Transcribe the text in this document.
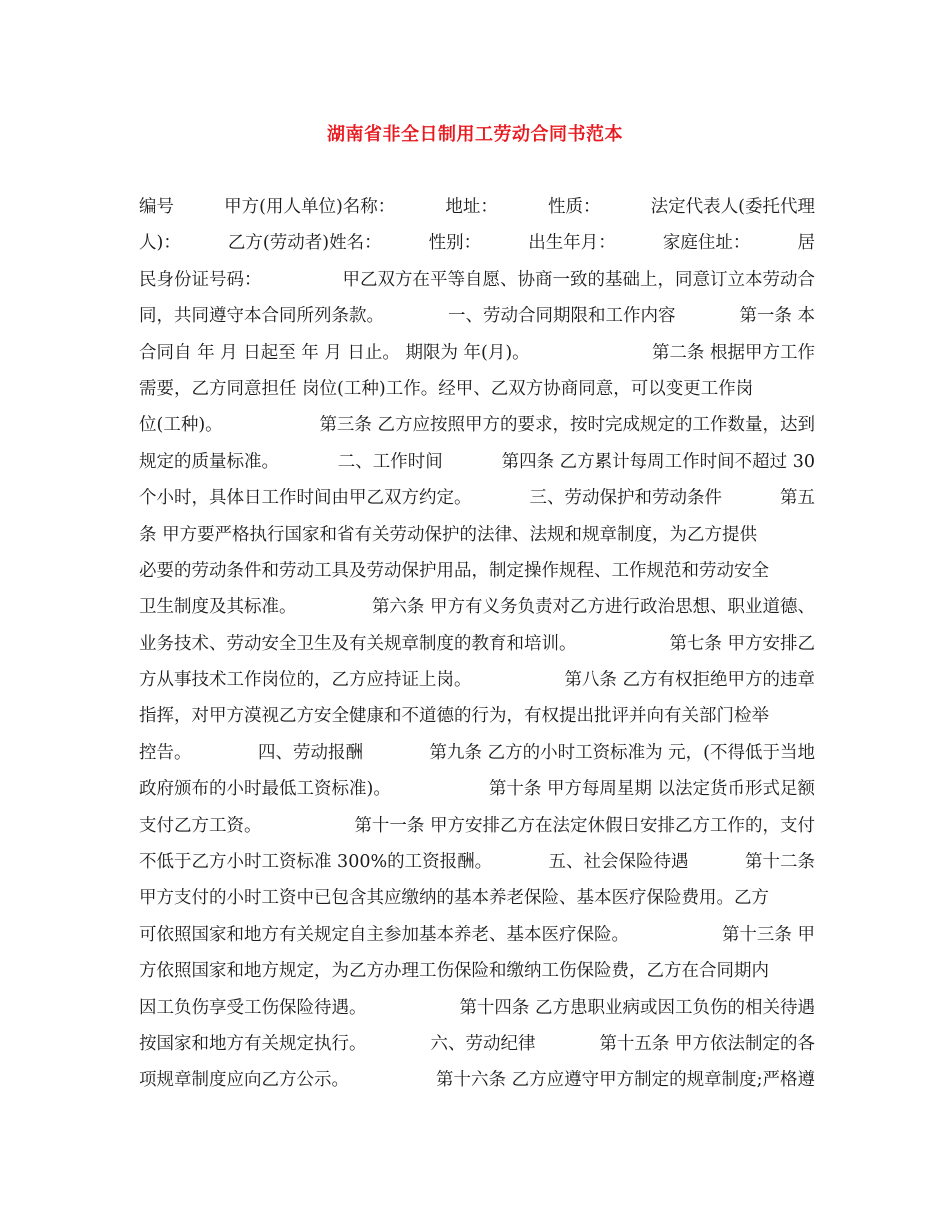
湖南省非全日制用工劳动合同书范本
编号	甲方(用人单位)名称：	地址：	性质：	法定代表人(委托代理
人)：	乙方(劳动者)姓名：	性别：	出生年月：	家庭住址：	居
民身份证号码：	甲乙双方在平等自愿、协商一致的基础上，同意订立本劳动合
同，共同遵守本合同所列条款。	一、劳动合同期限和工作内容	第一条 本
合同自 年 月 日起至 年 月 日止。 期限为 年(月)。	第二条 根据甲方工作
需要，乙方同意担任 岗位(工种)工作。经甲、乙双方协商同意，可以变更工作岗
位(工种)。	第三条 乙方应按照甲方的要求，按时完成规定的工作数量，达到
规定的质量标准。	二、工作时间	第四条 乙方累计每周工作时间不超过 30
个小时，具体日工作时间由甲乙双方约定。	三、劳动保护和劳动条件	第五
条 甲方要严格执行国家和省有关劳动保护的法律、法规和规章制度，为乙方提供
必要的劳动条件和劳动工具及劳动保护用品，制定操作规程、工作规范和劳动安全
卫生制度及其标准。	第六条 甲方有义务负责对乙方进行政治思想、职业道德、
业务技术、劳动安全卫生及有关规章制度的教育和培训。	第七条 甲方安排乙
方从事技术工作岗位的，乙方应持证上岗。	第八条 乙方有权拒绝甲方的违章
指挥，对甲方漠视乙方安全健康和不道德的行为，有权提出批评并向有关部门检举
控告。	四、劳动报酬	第九条 乙方的小时工资标准为 元，(不得低于当地
政府颁布的小时最低工资标准)。	第十条 甲方每周星期 以法定货币形式足额
支付乙方工资。	第十一条 甲方安排乙方在法定休假日安排乙方工作的，支付
不低于乙方小时工资标准 300%的工资报酬。	五、社会保险待遇	第十二条
甲方支付的小时工资中已包含其应缴纳的基本养老保险、基本医疗保险费用。乙方
可依照国家和地方有关规定自主参加基本养老、基本医疗保险。	第十三条 甲
方依照国家和地方规定，为乙方办理工伤保险和缴纳工伤保险费，乙方在合同期内
因工负伤享受工伤保险待遇。	第十四条 乙方患职业病或因工负伤的相关待遇
按国家和地方有关规定执行。	六、劳动纪律	第十五条 甲方依法制定的各
项规章制度应向乙方公示。	第十六条 乙方应遵守甲方制定的规章制度;严格遵
